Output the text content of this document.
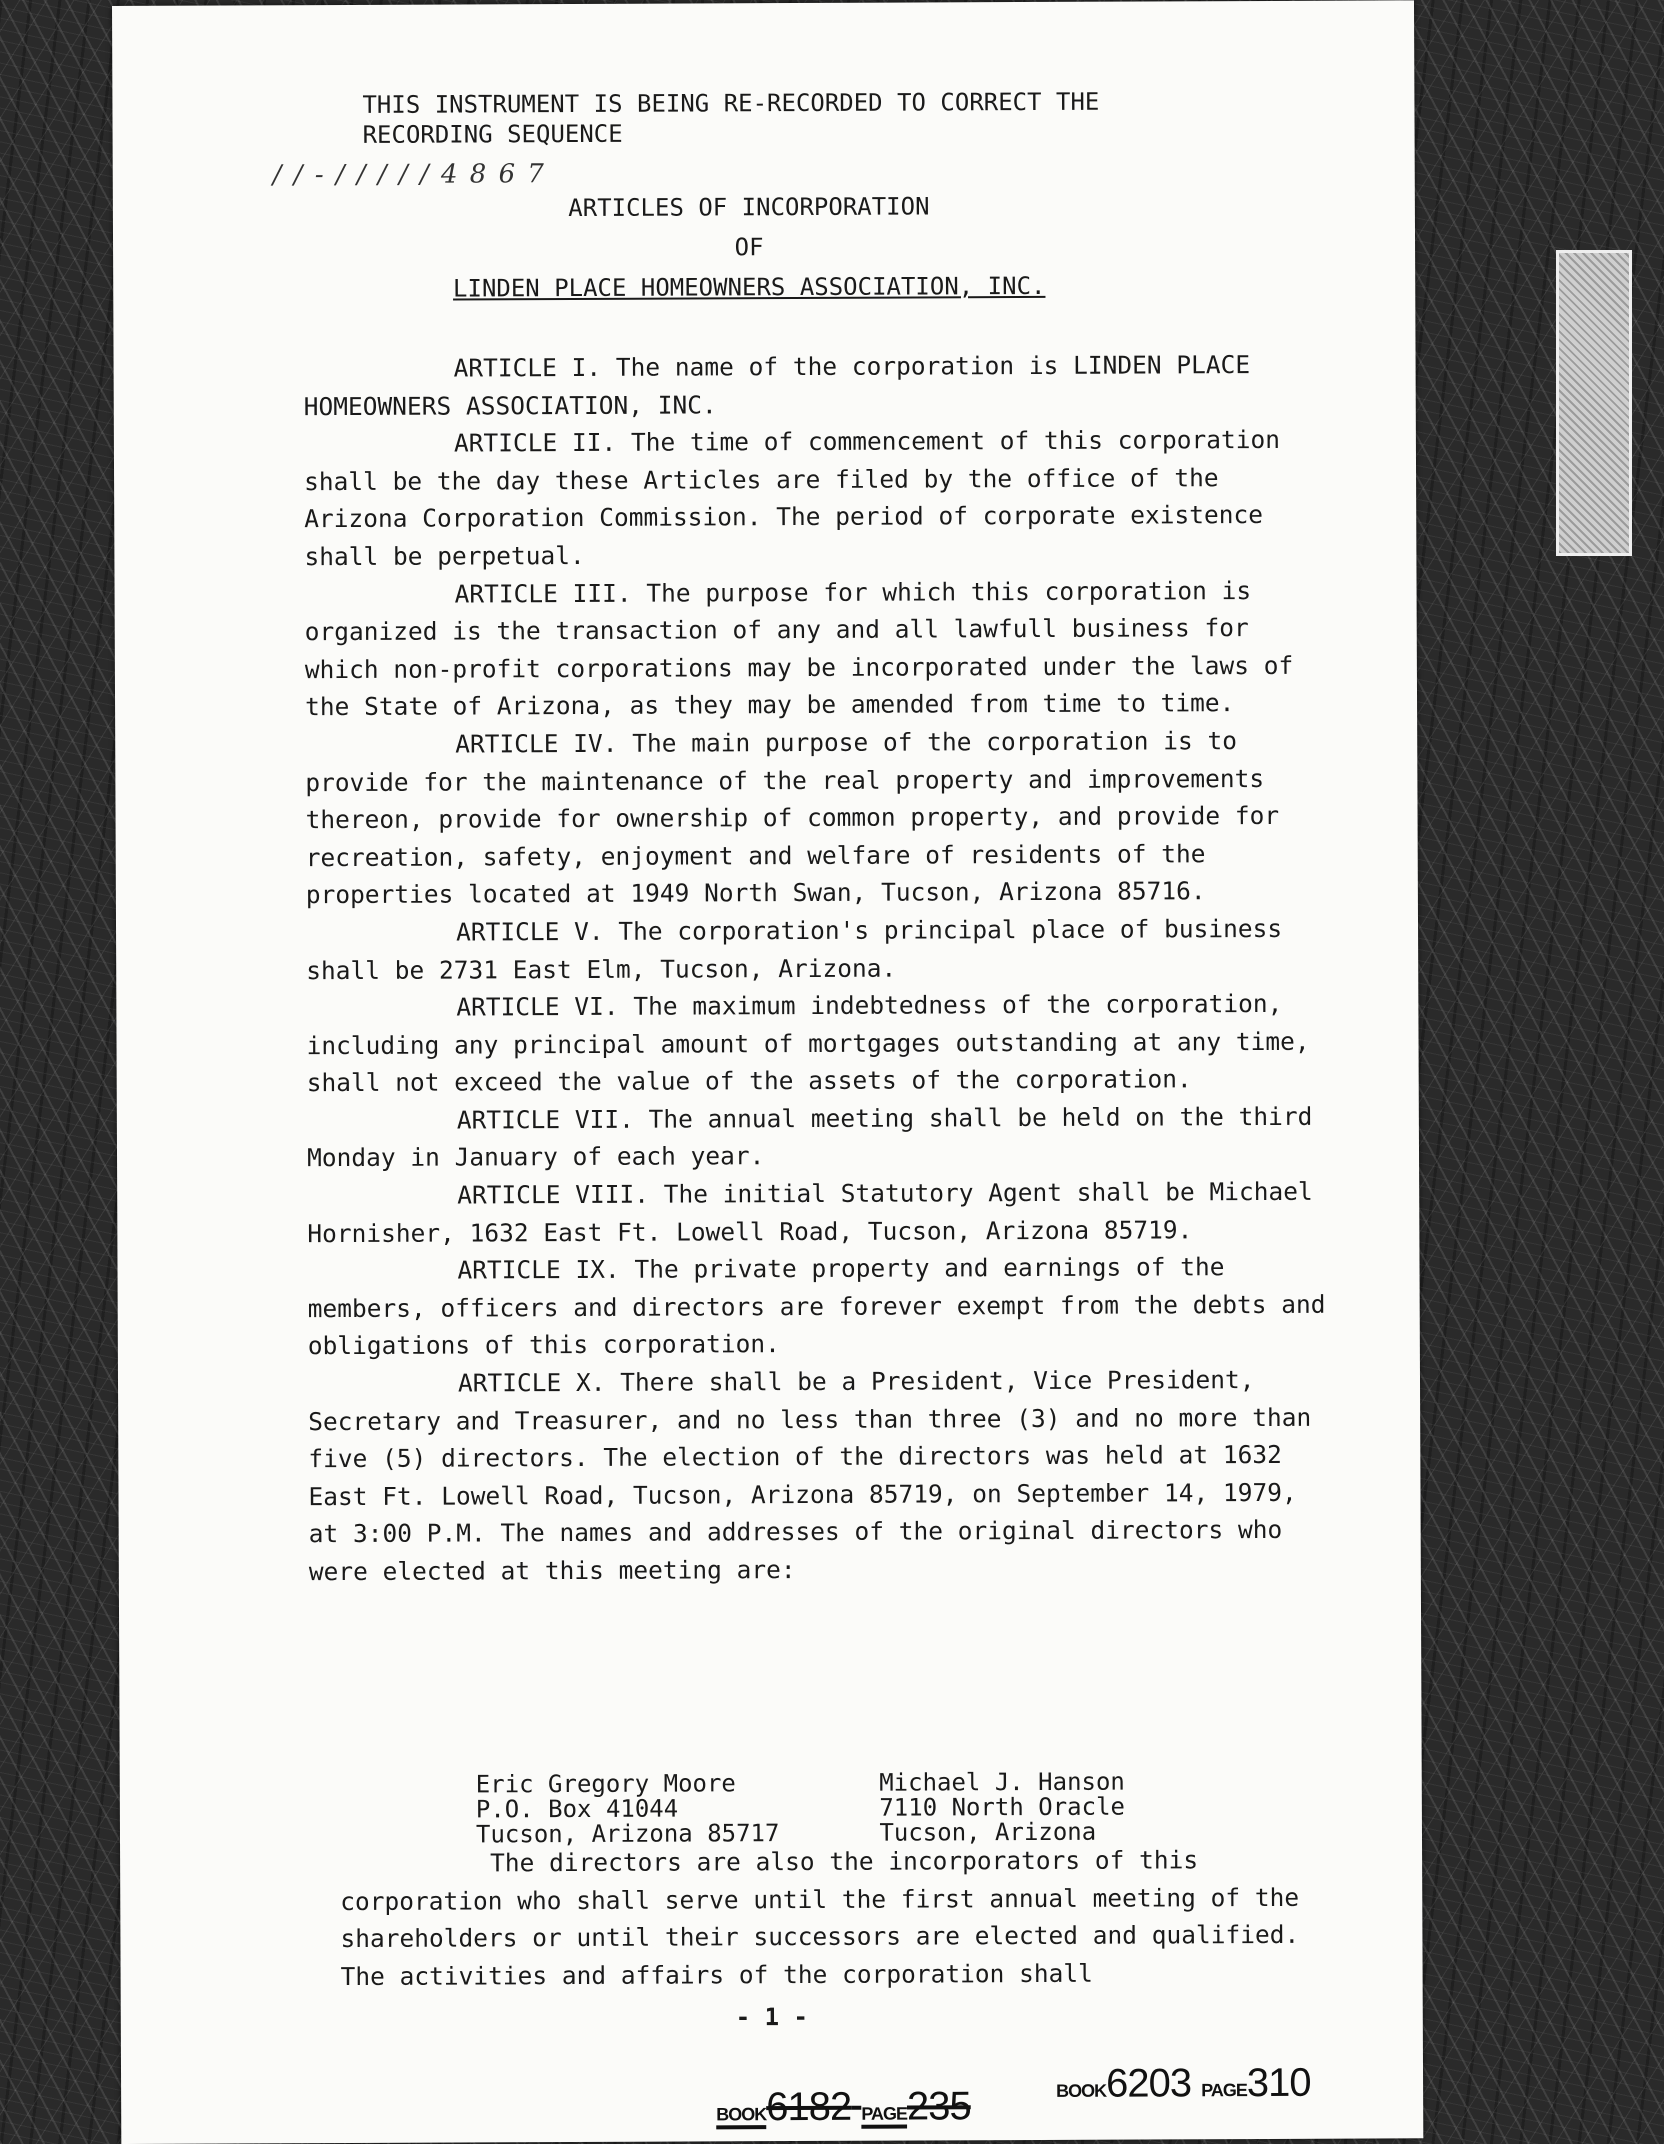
THIS INSTRUMENT IS BEING RE-RECORDED TO CORRECT THE
RECORDING SEQUENCE
/ / - / / / / / 4 8 6 7
ARTICLES OF INCORPORATION
OF
LINDEN PLACE HOMEOWNERS ASSOCIATION, INC.

ARTICLE I. The name of the corporation is LINDEN PLACE HOMEOWNERS ASSOCIATION, INC.

ARTICLE II. The time of commencement of this corporation shall be the day these Articles are filed by the office of the Arizona Corporation Commission. The period of corporate existence shall be perpetual.

ARTICLE III. The purpose for which this corporation is organized is the transaction of any and all lawfull business for which non-profit corporations may be incorporated under the laws of the State of Arizona, as they may be amended from time to time.

ARTICLE IV. The main purpose of the corporation is to provide for the maintenance of the real property and improvements thereon, provide for ownership of common property, and provide for recreation, safety, enjoyment and welfare of residents of the properties located at 1949 North Swan, Tucson, Arizona 85716.

ARTICLE V. The corporation's principal place of business shall be 2731 East Elm, Tucson, Arizona.

ARTICLE VI. The maximum indebtedness of the corporation, including any principal amount of mortgages outstanding at any time, shall not exceed the value of the assets of the corporation.

ARTICLE VII. The annual meeting shall be held on the third Monday in January of each year.

ARTICLE VIII. The initial Statutory Agent shall be Michael Hornisher, 1632 East Ft. Lowell Road, Tucson, Arizona 85719.

ARTICLE IX. The private property and earnings of the members, officers and directors are forever exempt from the debts and obligations of this corporation.

ARTICLE X. There shall be a President, Vice President, Secretary and Treasurer, and no less than three (3) and no more than five (5) directors. The election of the directors was held at 1632 East Ft. Lowell Road, Tucson, Arizona 85719, on September 14, 1979, at 3:00 P.M. The names and addresses of the original directors who were elected at this meeting are:

Eric Gregory Moore
P.O. Box 41044
Tucson, Arizona 85717
Michael J. Hanson
7110 North Oracle
Tucson, Arizona

The directors are also the incorporators of this corporation who shall serve until the first annual meeting of the shareholders or until their successors are elected and qualified. The activities and affairs of the corporation shall

- 1 -
BOOK6182 PAGE235	BOOK6203 PAGE310
